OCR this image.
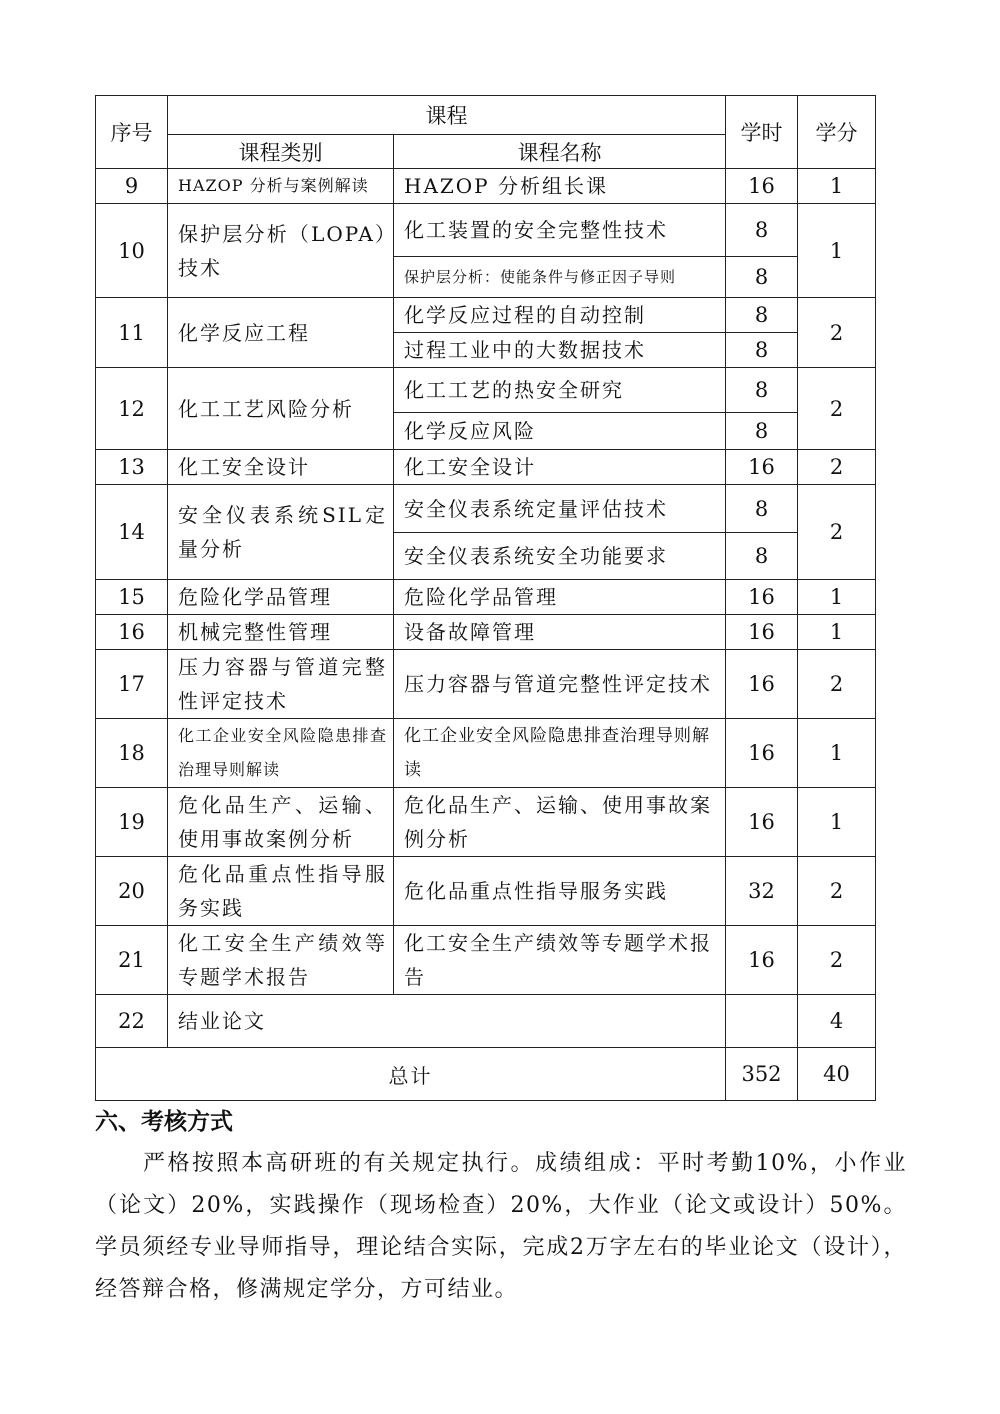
序号	课程		学时	学分
	课程类别	课程名称		
9	HAZOP 分析与案例解读	HAZOP 分析组长课	16	1
10	保护层分析（LOPA）技术	化工装置的安全完整性技术	8	1
		保护层分析：使能条件与修正因子导则	8	
11	化学反应工程	化学反应过程的自动控制	8	2
		过程工业中的大数据技术	8	
12	化工工艺风险分析	化工工艺的热安全研究	8	2
		化学反应风险	8	
13	化工安全设计	化工安全设计	16	2
14	安全仪表系统SIL定量分析	安全仪表系统定量评估技术	8	2
		安全仪表系统安全功能要求	8	
15	危险化学品管理	危险化学品管理	16	1
16	机械完整性管理	设备故障管理	16	1
17	压力容器与管道完整性评定技术	压力容器与管道完整性评定技术	16	2
18	化工企业安全风险隐患排查治理导则解读	化工企业安全风险隐患排查治理导则解读	16	1
19	危化品生产、运输、使用事故案例分析	危化品生产、运输、使用事故案例分析	16	1
20	危化品重点性指导服务实践	危化品重点性指导服务实践	32	2
21	化工安全生产绩效等专题学术报告	化工安全生产绩效等专题学术报告	16	2
22	结业论文			4
总计			352	40
六、考核方式

严格按照本高研班的有关规定执行。成绩组成：平时考勤10%，小作业（论文）20%，实践操作（现场检查）20%，大作业（论文或设计）50%。学员须经专业导师指导，理论结合实际，完成2万字左右的毕业论文（设计），经答辩合格，修满规定学分，方可结业。
